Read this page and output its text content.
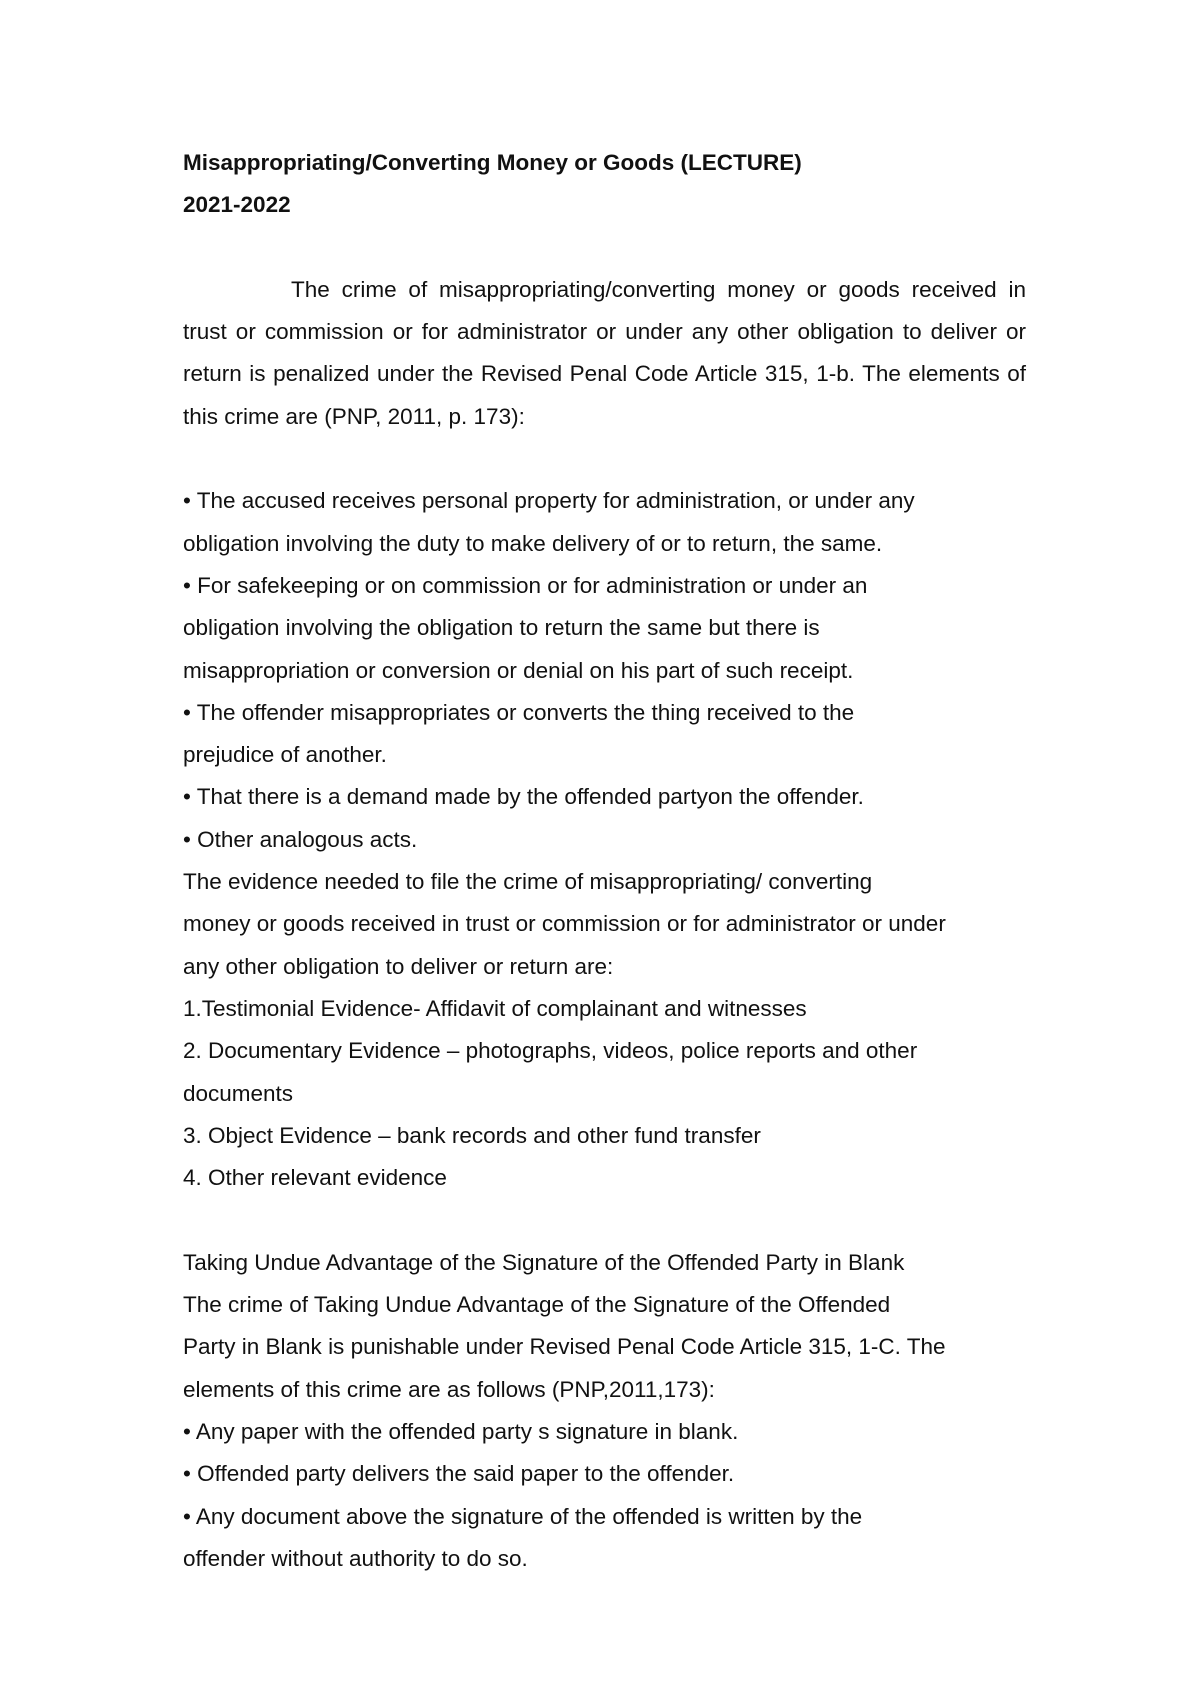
Misappropriating/Converting Money or Goods (LECTURE)

2021-2022

The crime of misappropriating/converting money or goods received in trust or commission or for administrator or under any other obligation to deliver or return is penalized under the Revised Penal Code Article 315, 1-b. The elements of this crime are (PNP, 2011, p. 173):

• The accused receives personal property for administration, or under any

obligation involving the duty to make delivery of or to return, the same.

• For safekeeping or on commission or for administration or under an

obligation involving the obligation to return the same but there is

misappropriation or conversion or denial on his part of such receipt.

• The offender misappropriates or converts the thing received to the

prejudice of another.

• That there is a demand made by the offended partyon the offender.

• Other analogous acts.

The evidence needed to file the crime of misappropriating/ converting

money or goods received in trust or commission or for administrator or under

any other obligation to deliver or return are:

1.Testimonial Evidence- Affidavit of complainant and witnesses

2. Documentary Evidence – photographs, videos, police reports and other

documents

3. Object Evidence – bank records and other fund transfer

4. Other relevant evidence

Taking Undue Advantage of the Signature of the Offended Party in Blank

The crime of Taking Undue Advantage of the Signature of the Offended

Party in Blank is punishable under Revised Penal Code Article 315, 1-C. The

elements of this crime are as follows (PNP,2011,173):

• Any paper with the offended party s signature in blank.

• Offended party delivers the said paper to the offender.

• Any document above the signature of the offended is written by the

offender without authority to do so.
